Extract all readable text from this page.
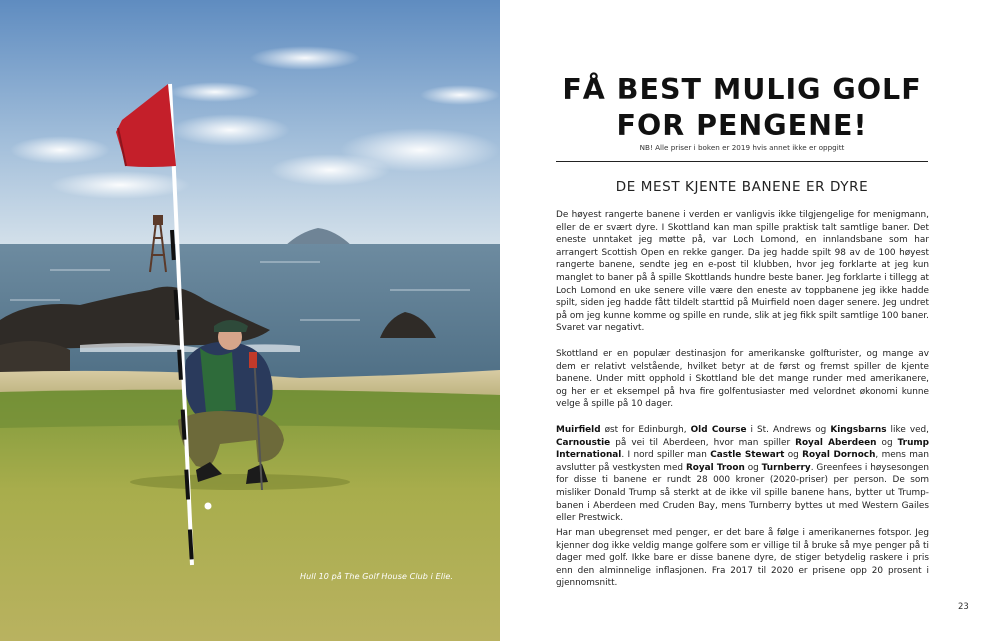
Hull 10 på The Golf House Club i Elie.
FÅ BEST MULIG GOLF
FOR PENGENE!
NB! Alle priser i boken er 2019 hvis annet ikke er oppgitt
DE MEST KJENTE BANENE ER DYRE

De høyest rangerte banene i verden er vanligvis ikke tilgjengelige for menigmann, eller de er svært dyre. I Skottland kan man spille praktisk talt samtlige baner. Det eneste unntaket jeg møtte på, var Loch Lomond, en innlandsbane som har arrangert Scottish Open en rekke ganger. Da jeg hadde spilt 98 av de 100 høyest rangerte banene, sendte jeg en e-post til klubben, hvor jeg forklarte at jeg kun manglet to baner på å spille Skottlands hundre beste baner. Jeg forklarte i tillegg at Loch Lomond en uke senere ville være den eneste av toppbanene jeg ikke hadde spilt, siden jeg hadde fått tildelt starttid på Muirfield noen dager senere. Jeg undret på om jeg kunne komme og spille en runde, slik at jeg fikk spilt samtlige 100 baner. Svaret var negativt.

Skottland er en populær destinasjon for amerikanske golfturister, og mange av dem er relativt velstående, hvilket betyr at de først og fremst spiller de kjente banene. Under mitt opphold i Skottland ble det mange runder med amerikanere, og her er et eksempel på hva fire golfentusiaster med velordnet økonomi kunne velge å spille på 10 dager.

Muirfield øst for Edinburgh, Old Course i St. Andrews og Kingsbarns like ved, Carnoustie på vei til Aberdeen, hvor man spiller Royal Aberdeen og Trump International. I nord spiller man Castle Stewart og Royal Dornoch, mens man avslutter på vestkysten med Royal Troon og Turnberry. Greenfees i høysesongen for disse ti banene er rundt 28 000 kroner (2020-priser) per person. De som misliker Donald Trump så sterkt at de ikke vil spille banene hans, bytter ut Trump-banen i Aberdeen med Cruden Bay, mens Turnberry byttes ut med Western Gailes eller Prestwick.

Har man ubegrenset med penger, er det bare å følge i amerikanernes fotspor. Jeg kjenner dog ikke veldig mange golfere som er villige til å bruke så mye penger på ti dager med golf. Ikke bare er disse banene dyre, de stiger betydelig raskere i pris enn den alminnelige inflasjonen. Fra 2017 til 2020 er prisene opp 20 prosent i gjennomsnitt.

23
